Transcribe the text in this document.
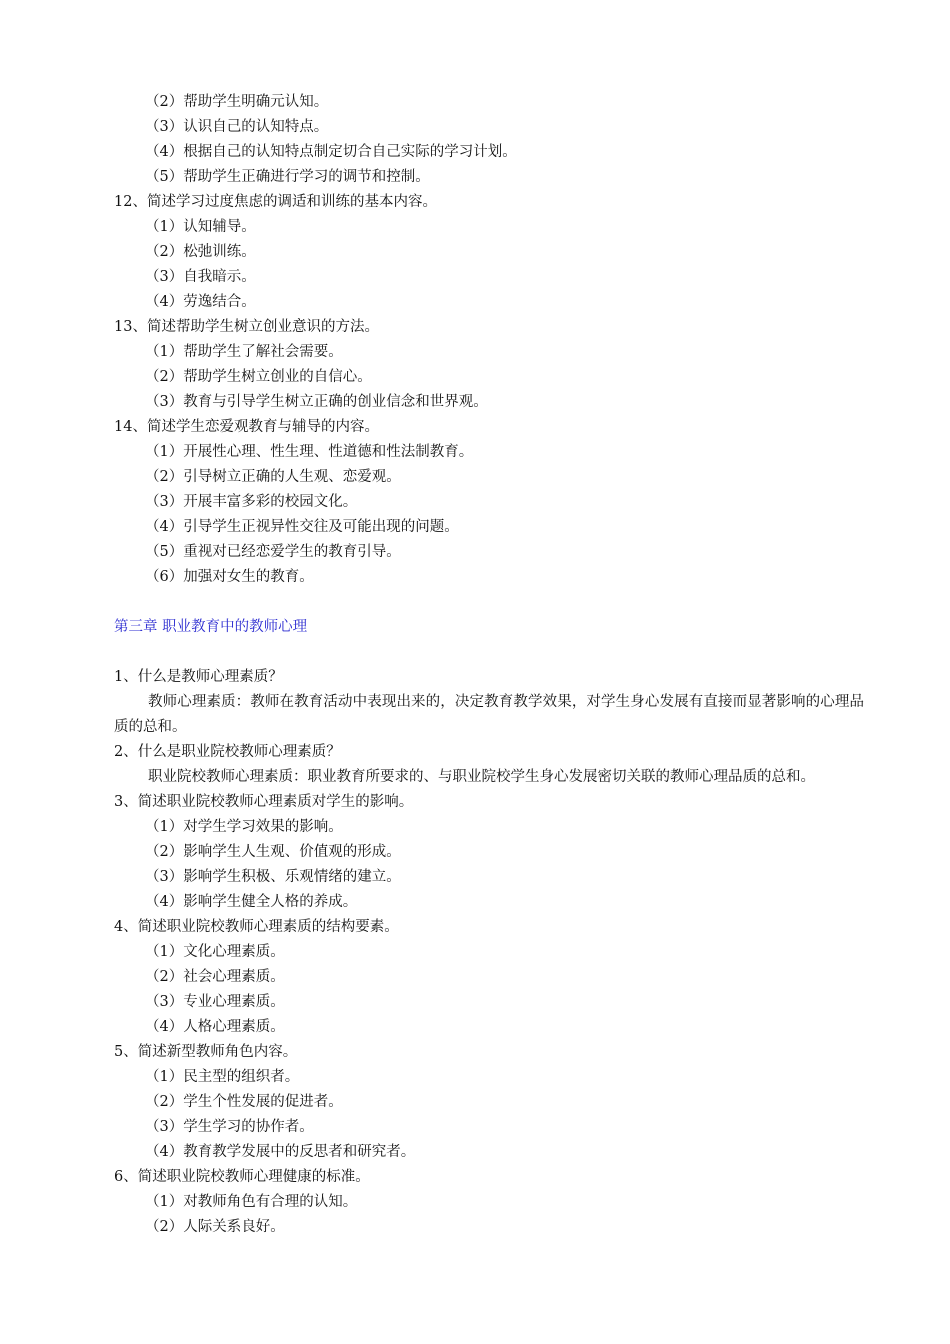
（2）帮助学生明确元认知。
（3）认识自己的认知特点。
（4）根据自己的认知特点制定切合自己实际的学习计划。
（5）帮助学生正确进行学习的调节和控制。
12、简述学习过度焦虑的调适和训练的基本内容。
（1）认知辅导。
（2）松弛训练。
（3）自我暗示。
（4）劳逸结合。
13、简述帮助学生树立创业意识的方法。
（1）帮助学生了解社会需要。
（2）帮助学生树立创业的自信心。
（3）教育与引导学生树立正确的创业信念和世界观。
14、简述学生恋爱观教育与辅导的内容。
（1）开展性心理、性生理、性道德和性法制教育。
（2）引导树立正确的人生观、恋爱观。
（3）开展丰富多彩的校园文化。
（4）引导学生正视异性交往及可能出现的问题。
（5）重视对已经恋爱学生的教育引导。
（6）加强对女生的教育。
第三章 职业教育中的教师心理
1、什么是教师心理素质？

教师心理素质：教师在教育活动中表现出来的，决定教育教学效果，对学生身心发展有直接而显著影响的心理品质的总和。

2、什么是职业院校教师心理素质？

职业院校教师心理素质：职业教育所要求的、与职业院校学生身心发展密切关联的教师心理品质的总和。

3、简述职业院校教师心理素质对学生的影响。
（1）对学生学习效果的影响。
（2）影响学生人生观、价值观的形成。
（3）影响学生积极、乐观情绪的建立。
（4）影响学生健全人格的养成。
4、简述职业院校教师心理素质的结构要素。
（1）文化心理素质。
（2）社会心理素质。
（3）专业心理素质。
（4）人格心理素质。
5、简述新型教师角色内容。
（1）民主型的组织者。
（2）学生个性发展的促进者。
（3）学生学习的协作者。
（4）教育教学发展中的反思者和研究者。
6、简述职业院校教师心理健康的标准。
（1）对教师角色有合理的认知。
（2）人际关系良好。
